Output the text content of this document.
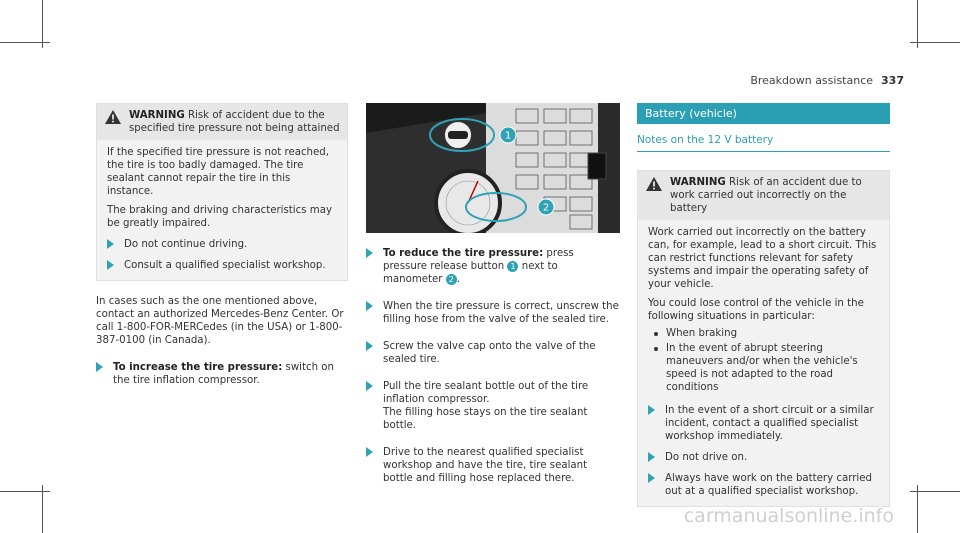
Breakdown assistance 337
WARNING Risk of accident due to the specified tire pressure not being attained

If the specified tire pressure is not reached, the tire is too badly damaged. The tire sealant cannot repair the tire in this instance.

The braking and driving characteristics may be greatly impaired.

Do not continue driving.
Consult a qualified specialist workshop.

In cases such as the one mentioned above, contact an authorized Mercedes-Benz Center. Or call 1-800-FOR-MERCedes (in the USA) or 1-800-387-0100 (in Canada).

To increase the tire pressure: switch on the tire inflation compressor.
1
2
To reduce the tire pressure: press pressure release button 1 next to manometer 2 .
When the tire pressure is correct, unscrew the filling hose from the valve of the sealed tire.
Screw the valve cap onto the valve of the sealed tire.
Pull the tire sealant bottle out of the tire inflation compressor.
The filling hose stays on the tire sealant bottle.
Drive to the nearest qualified specialist workshop and have the tire, tire sealant bottle and filling hose replaced there.
Battery (vehicle)
Notes on the 12 V battery
WARNING Risk of an accident due to work carried out incorrectly on the battery

Work carried out incorrectly on the battery can, for example, lead to a short circuit. This can restrict functions relevant for safety systems and impair the operating safety of your vehicle.

You could lose control of the vehicle in the following situations in particular:

When braking
In the event of abrupt steering maneuvers and/or when the vehicle's speed is not adapted to the road conditions
In the event of a short circuit or a similar incident, contact a qualified specialist workshop immediately.
Do not drive on.
Always have work on the battery carried out at a qualified specialist workshop.
carmanualsonline.info
